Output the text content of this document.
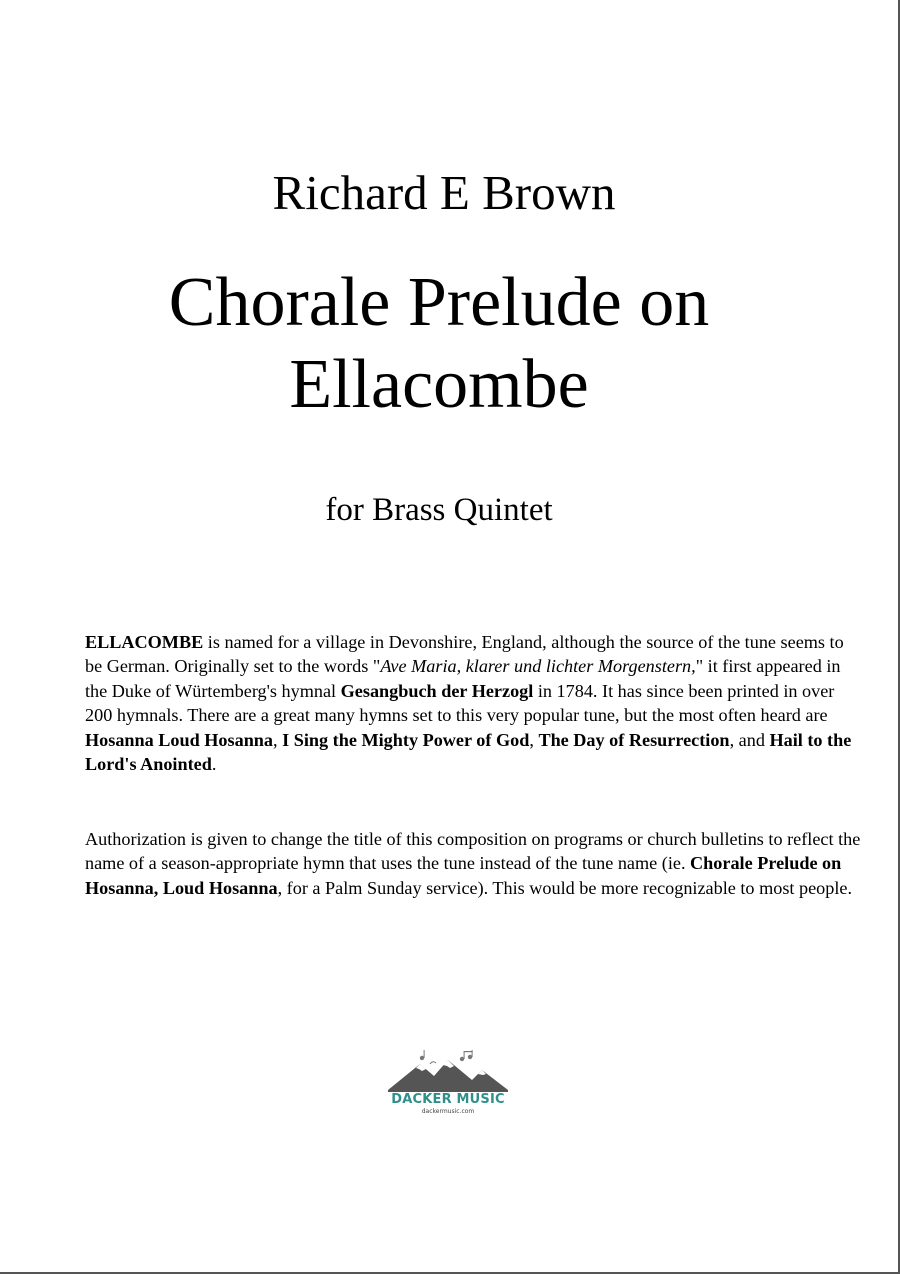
Richard E Brown
Chorale Prelude on
Ellacombe

for Brass Quintet

ELLACOMBE is named for a village in Devonshire, England, although the source of the tune seems to be German. Originally set to the words "Ave Maria, klarer und lichter Morgenstern," it first appeared in the Duke of Würtemberg's hymnal Gesangbuch der Herzogl in 1784. It has since been printed in over 200 hymnals. There are a great many hymns set to this very popular tune, but the most often heard are Hosanna Loud Hosanna, I Sing the Mighty Power of God, The Day of Resurrection, and Hail to the Lord's Anointed.

Authorization is given to change the title of this composition on programs or church bulletins to reflect the name of a season-appropriate hymn that uses the tune instead of the tune name (ie. Chorale Prelude on Hosanna, Loud Hosanna, for a Palm Sunday service). This would be more recognizable to most people.

DACKER MUSIC
dackermusic.com
